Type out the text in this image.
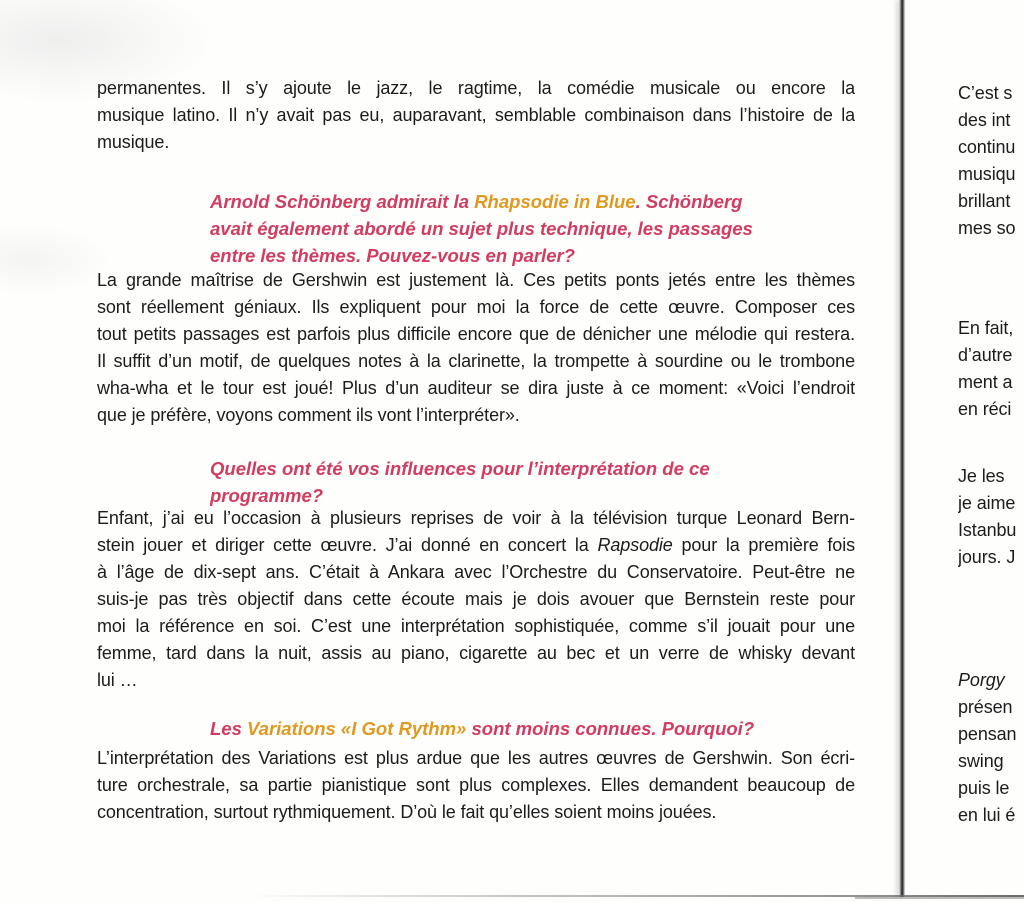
permanentes. Il s’y ajoute le jazz, le ragtime, la comédie musicale ou encore la
musique latino. Il n’y avait pas eu, auparavant, semblable combinaison dans l’histoire de la
musique.
Arnold Schönberg admirait la Rhapsodie in Blue. Schönberg
avait également abordé un sujet plus technique, les passages
entre les thèmes. Pouvez-vous en parler?
La grande maîtrise de Gershwin est justement là. Ces petits ponts jetés entre les thèmes
sont réellement géniaux. Ils expliquent pour moi la force de cette œuvre. Composer ces
tout petits passages est parfois plus difficile encore que de dénicher une mélodie qui restera.
Il suffit d’un motif, de quelques notes à la clarinette, la trompette à sourdine ou le trombone
wha-wha et le tour est joué! Plus d’un auditeur se dira juste à ce moment: «Voici l’endroit
que je préfère, voyons comment ils vont l’interpréter».
Quelles ont été vos influences pour l’interprétation de ce
programme?
Enfant, j’ai eu l’occasion à plusieurs reprises de voir à la télévision turque Leonard Bern-
stein jouer et diriger cette œuvre. J’ai donné en concert la Rapsodie pour la première fois
à l’âge de dix-sept ans. C’était à Ankara avec l’Orchestre du Conservatoire. Peut-être ne
suis-je pas très objectif dans cette écoute mais je dois avouer que Bernstein reste pour
moi la référence en soi. C’est une interprétation sophistiquée, comme s’il jouait pour une
femme, tard dans la nuit, assis au piano, cigarette au bec et un verre de whisky devant
lui …
Les Variations «I Got Rythm» sont moins connues. Pourquoi?
L’interprétation des Variations est plus ardue que les autres œuvres de Gershwin. Son écri-
ture orchestrale, sa partie pianistique sont plus complexes. Elles demandent beaucoup de
concentration, surtout rythmiquement. D’où le fait qu’elles soient moins jouées.
C’est s
des int
continu
musiqu
brillant
mes so
En fait,
d’autre
ment a
en réci
Je les
je aime
Istanbu
jours. J
Porgy
présen
pensan
swing
puis le
en lui é
